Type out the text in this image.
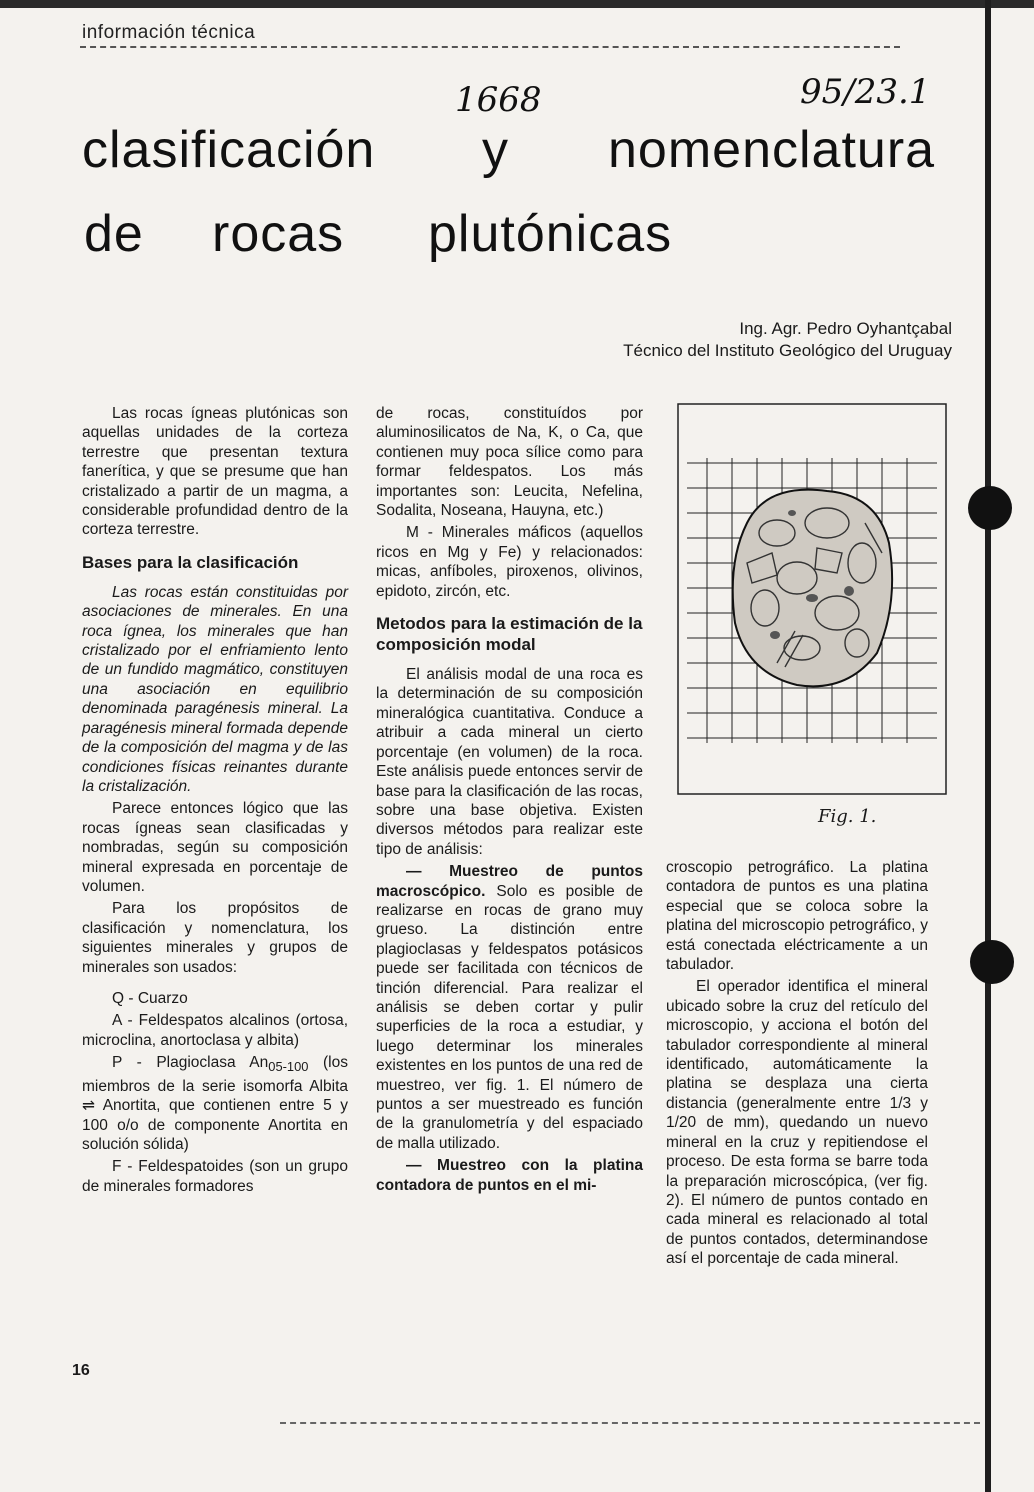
información técnica
1668	95/23.1
clasificación y nomenclatura
de rocas plutónicas
Ing. Agr. Pedro Oyhantçabal
Técnico del Instituto Geológico del Uruguay

Las rocas ígneas plutónicas son aquellas unidades de la corteza terrestre que presentan textura fanerítica, y que se presume que han cristalizado a partir de un magma, a considerable profundidad dentro de la corteza terrestre.

Bases para la clasificación

Las rocas están constituidas por asociaciones de minerales. En una roca ígnea, los minerales que han cristalizado por el enfriamiento lento de un fundido magmático, constituyen una asociación en equilibrio denominada paragénesis mineral. La paragénesis mineral formada depende de la composición del magma y de las condiciones físicas reinantes durante la cristalización.

Parece entonces lógico que las rocas ígneas sean clasificadas y nombradas, según su composición mineral expresada en porcentaje de volumen.

Para los propósitos de clasificación y nomenclatura, los siguientes minerales y grupos de minerales son usados:

Q - Cuarzo

A - Feldespatos alcalinos (ortosa, microclina, anortoclasa y albita)

P - Plagioclasa $An_{05-100}$ (los miembros de la serie isomorfa Albita ⇌ Anortita, que contienen entre 5 y 100 o/o de componente Anortita en solución sólida)

F - Feldespatoides (son un grupo de minerales formadores

de rocas, constituídos por aluminosilicatos de Na, K, o Ca, que contienen muy poca sílice como para formar feldespatos. Los más importantes son: Leucita, Nefelina, Sodalita, Noseana, Hauyna, etc.)

M - Minerales máficos (aquellos ricos en Mg y Fe) y relacionados: micas, anfíboles, piroxenos, olivinos, epidoto, zircón, etc.

Metodos para la estimación de la composición modal

El análisis modal de una roca es la determinación de su composición mineralógica cuantitativa. Conduce a atribuir a cada mineral un cierto porcentaje (en volumen) de la roca. Este análisis puede entonces servir de base para la clasificación de las rocas, sobre una base objetiva. Existen diversos métodos para realizar este tipo de análisis:

— Muestreo de puntos macroscópico. Solo es posible de realizarse en rocas de grano muy grueso. La distinción entre plagioclasas y feldespatos potásicos puede ser facilitada con técnicos de tinción diferencial. Para realizar el análisis se deben cortar y pulir superficies de la roca a estudiar, y luego determinar los minerales existentes en los puntos de una red de muestreo, ver fig. 1. El número de puntos a ser muestreado es función de la granulometría y del espaciado de malla utilizado.

— Muestreo con la platina contadora de puntos en el mi-

Fig. 1.

croscopio petrográfico. La platina contadora de puntos es una platina especial que se coloca sobre la platina del microscopio petrográfico, y está conectada eléctricamente a un tabulador.

El operador identifica el mineral ubicado sobre la cruz del retículo del microscopio, y acciona el botón del tabulador correspondiente al mineral identificado, automáticamente la platina se desplaza una cierta distancia (generalmente entre 1/3 y 1/20 de mm), quedando un nuevo mineral en la cruz y repitiendose el proceso. De esta forma se barre toda la preparación microscópica, (ver fig. 2). El número de puntos contado en cada mineral es relacionado al total de puntos contados, determinandose así el porcentaje de cada mineral.

16
